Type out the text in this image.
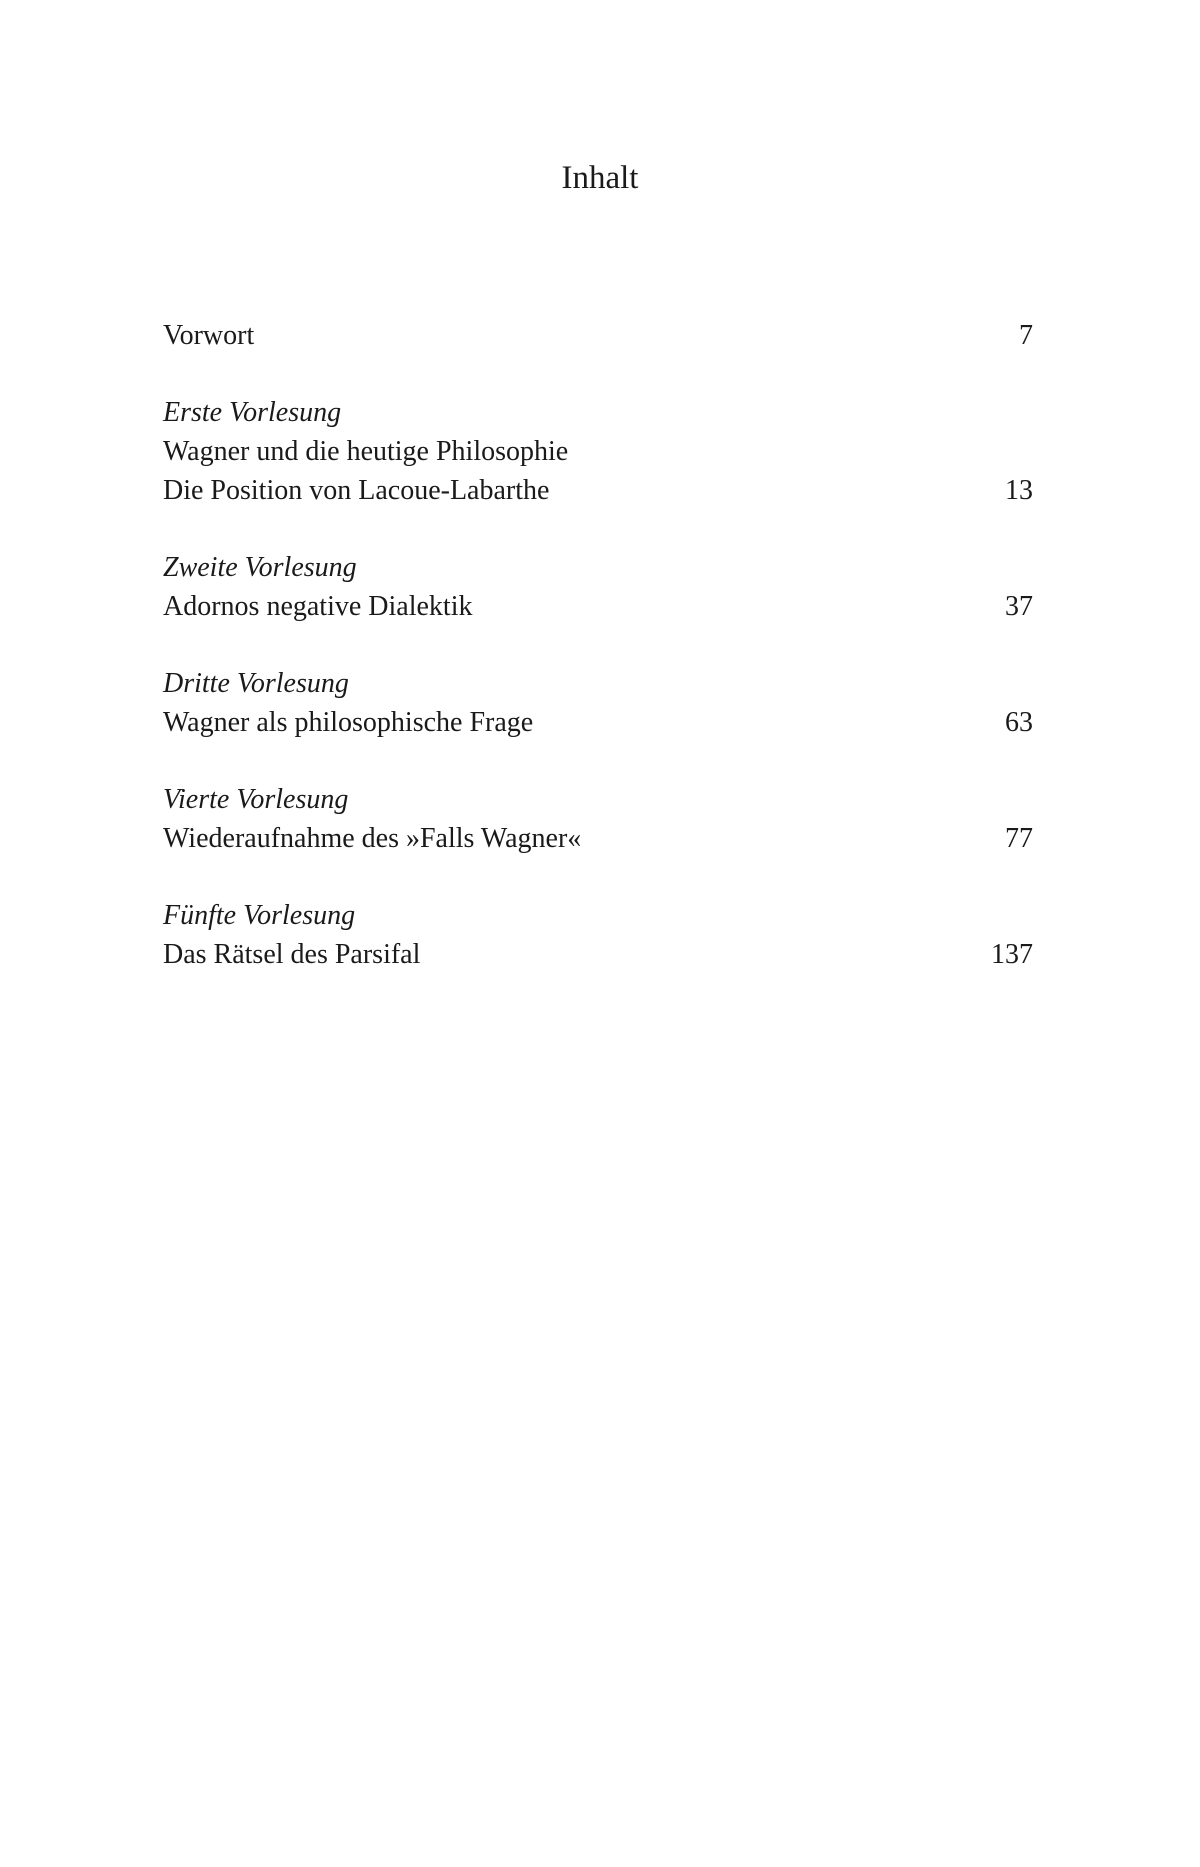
Inhalt
Vorwort	7
Erste Vorlesung
Wagner und die heutige Philosophie
Die Position von Lacoue-Labarthe	13
Zweite Vorlesung
Adornos negative Dialektik	37
Dritte Vorlesung
Wagner als philosophische Frage	63
Vierte Vorlesung
Wiederaufnahme des »Falls Wagner«	77
Fünfte Vorlesung
Das Rätsel des Parsifal	137
